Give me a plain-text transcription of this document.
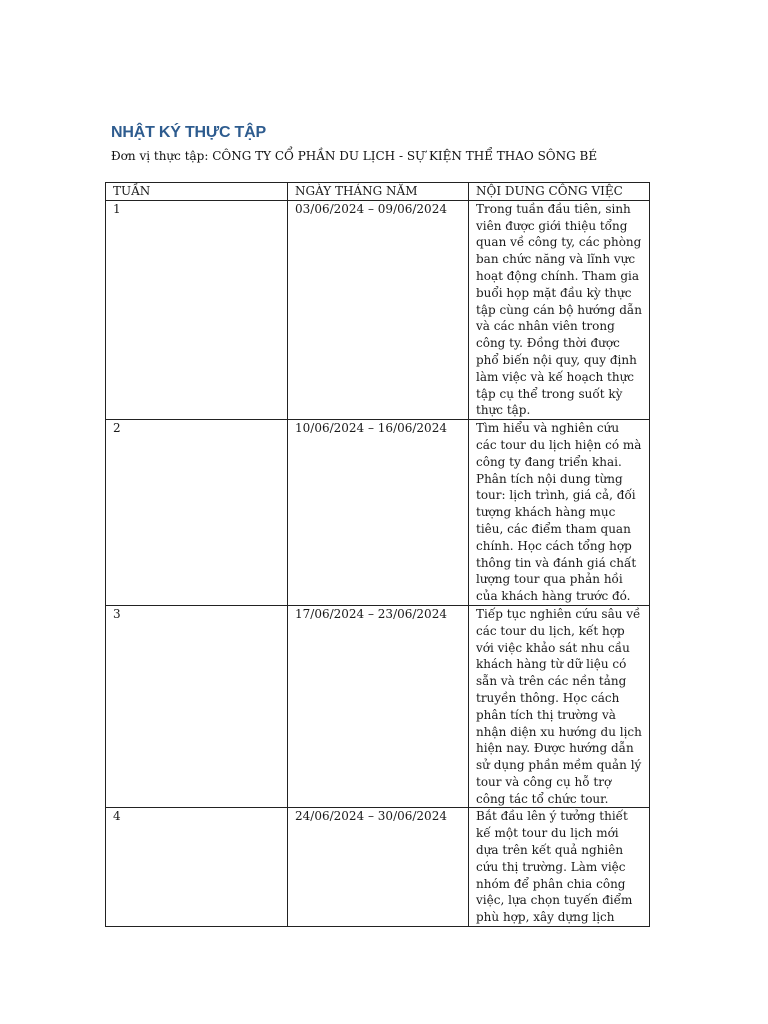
NHẬT KÝ THỰC TẬP
Đơn vị thực tập: CÔNG TY CỔ PHẦN DU LỊCH - SỰ KIỆN THỂ THAO SÔNG BÉ
TUẦN	NGÀY THÁNG NĂM	NỘI DUNG CÔNG VIỆC
1	03/06/2024 – 09/06/2024	Trong tuần đầu tiên, sinh viên được giới thiệu tổng quan về công ty, các phòng ban chức năng và lĩnh vực hoạt động chính. Tham gia buổi họp mặt đầu kỳ thực tập cùng cán bộ hướng dẫn và các nhân viên trong công ty. Đồng thời được phổ biến nội quy, quy định làm việc và kế hoạch thực tập cụ thể trong suốt kỳ thực tập.
2	10/06/2024 – 16/06/2024	Tìm hiểu và nghiên cứu các tour du lịch hiện có mà công ty đang triển khai. Phân tích nội dung từng tour: lịch trình, giá cả, đối tượng khách hàng mục tiêu, các điểm tham quan chính. Học cách tổng hợp thông tin và đánh giá chất lượng tour qua phản hồi của khách hàng trước đó.
3	17/06/2024 – 23/06/2024	Tiếp tục nghiên cứu sâu về các tour du lịch, kết hợp với việc khảo sát nhu cầu khách hàng từ dữ liệu có sẵn và trên các nền tảng truyền thông. Học cách phân tích thị trường và nhận diện xu hướng du lịch hiện nay. Được hướng dẫn sử dụng phần mềm quản lý tour và công cụ hỗ trợ công tác tổ chức tour.
4	24/06/2024 – 30/06/2024	Bắt đầu lên ý tưởng thiết kế một tour du lịch mới dựa trên kết quả nghiên cứu thị trường. Làm việc nhóm để phân chia công việc, lựa chọn tuyến điểm phù hợp, xây dựng lịch
